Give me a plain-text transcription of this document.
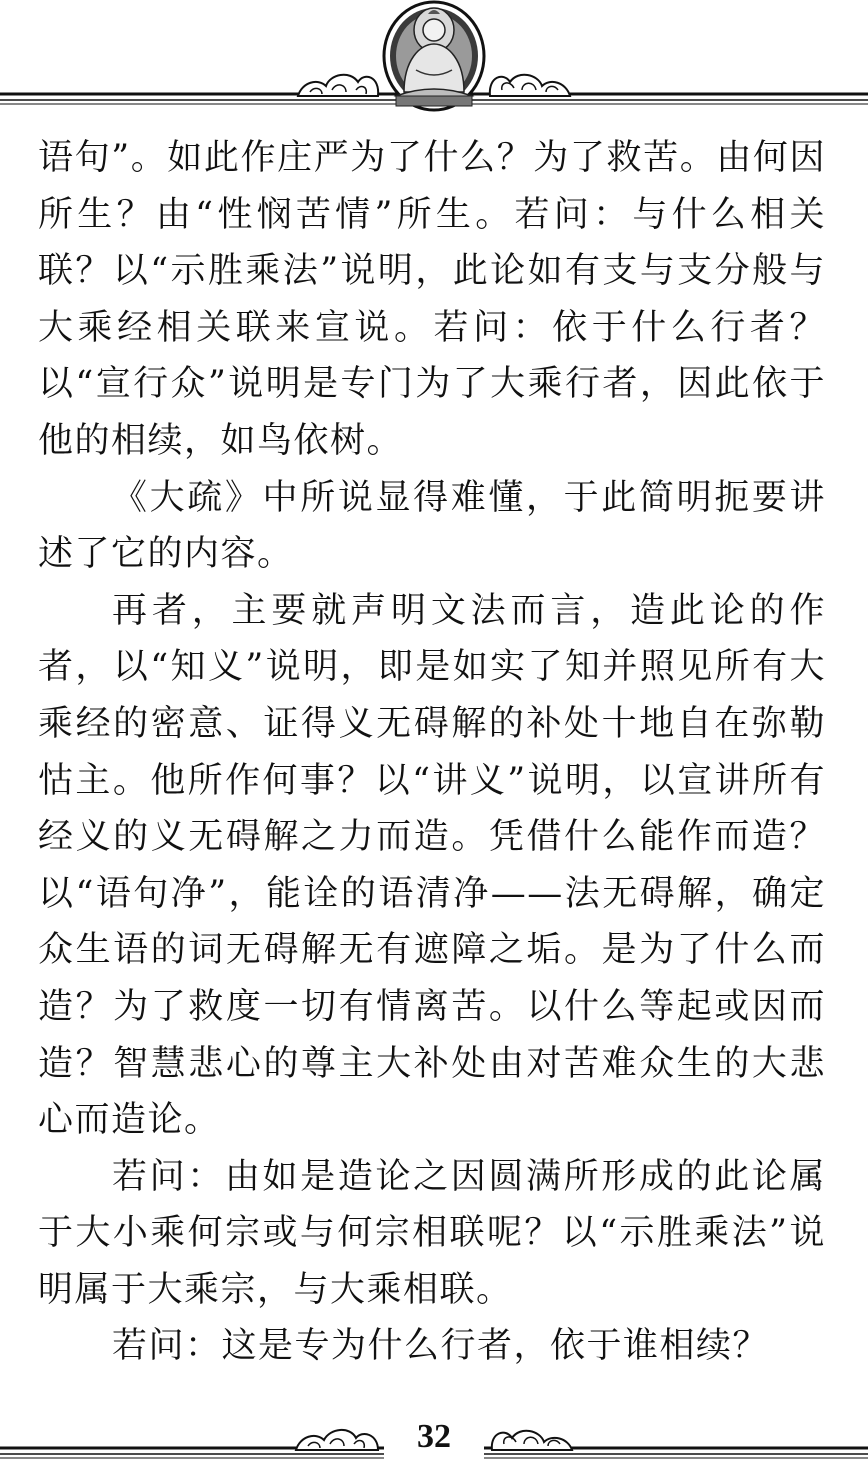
语句”。如此作庄严为了什么？为了救苦。由何因所生？由“性悯苦情”所生。若问：与什么相关联？以“示胜乘法”说明，此论如有支与支分般与大乘经相关联来宣说。若问：依于什么行者？以“宣行众”说明是专门为了大乘行者，因此依于他的相续，如鸟依树。

《大疏》中所说显得难懂，于此简明扼要讲述了它的内容。

再者，主要就声明文法而言，造此论的作者，以“知义”说明，即是如实了知并照见所有大乘经的密意、证得义无碍解的补处十地自在弥勒怙主。他所作何事？以“讲义”说明，以宣讲所有经义的义无碍解之力而造。凭借什么能作而造？以“语句净”，能诠的语清净——法无碍解，确定众生语的词无碍解无有遮障之垢。是为了什么而造？为了救度一切有情离苦。以什么等起或因而造？智慧悲心的尊主大补处由对苦难众生的大悲心而造论。

若问：由如是造论之因圆满所形成的此论属于大小乘何宗或与何宗相联呢？以“示胜乘法”说明属于大乘宗，与大乘相联。

若问：这是专为什么行者，依于谁相续？

32
